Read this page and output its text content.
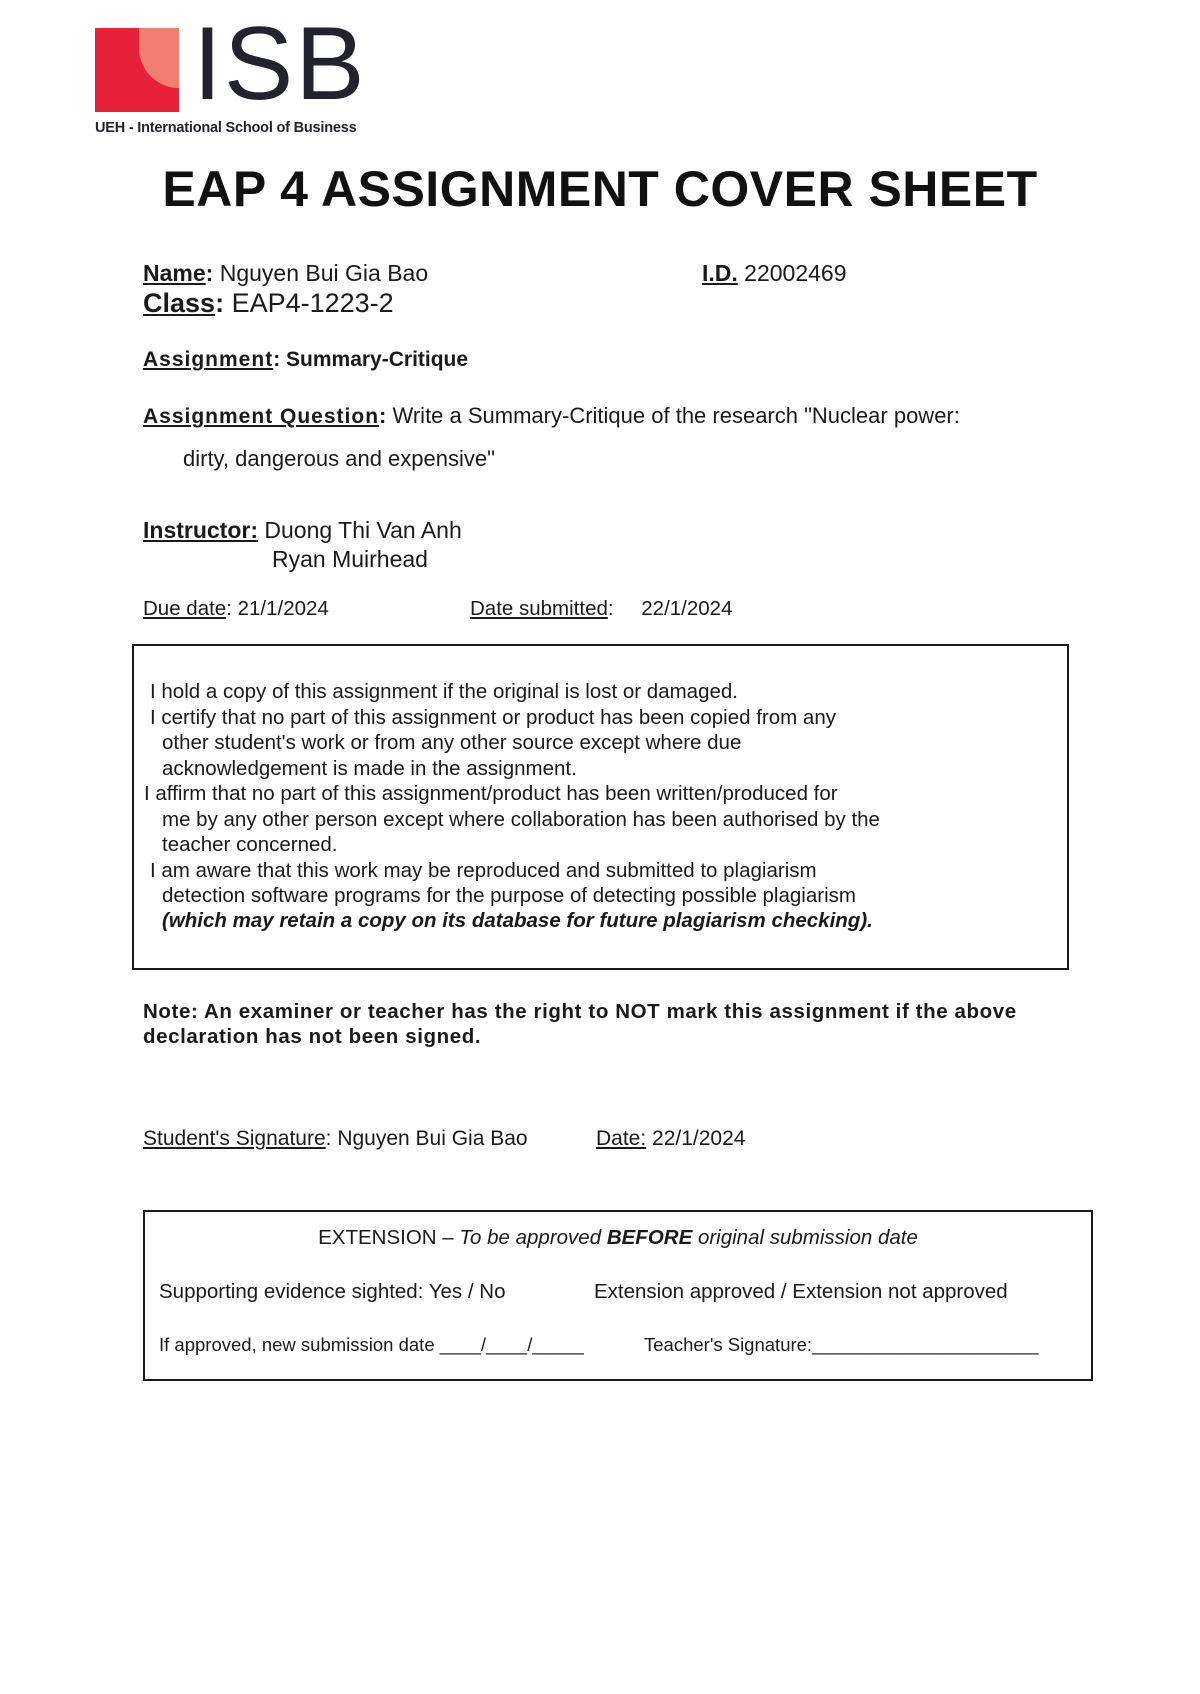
ISB
UEH - International School of Business
EAP 4 ASSIGNMENT COVER SHEET
Name: Nguyen Bui Gia Bao	I.D. 22002469
Class: EAP4-1223-2
Assignment: Summary-Critique
Assignment Question: Write a Summary-Critique of the research "Nuclear power:
dirty, dangerous and expensive"
Instructor: Duong Thi Van Anh
Ryan Muirhead
Due date: 21/1/2024	Date submitted: 22/1/2024

I hold a copy of this assignment if the original is lost or damaged.

I certify that no part of this assignment or product has been copied from any

other student's work or from any other source except where due

acknowledgement is made in the assignment.

I affirm that no part of this assignment/product has been written/produced for

me by any other person except where collaboration has been authorised by the

teacher concerned.

I am aware that this work may be reproduced and submitted to plagiarism

detection software programs for the purpose of detecting possible plagiarism

(which may retain a copy on its database for future plagiarism checking).

Note: An examiner or teacher has the right to NOT mark this assignment if the above
declaration has not been signed.
Student's Signature: Nguyen Bui Gia Bao	Date: 22/1/2024
EXTENSION – To be approved BEFORE original submission date
Supporting evidence sighted: Yes / No	Extension approved / Extension not approved
If approved, new submission date ____/____/_____	Teacher's Signature:______________________
